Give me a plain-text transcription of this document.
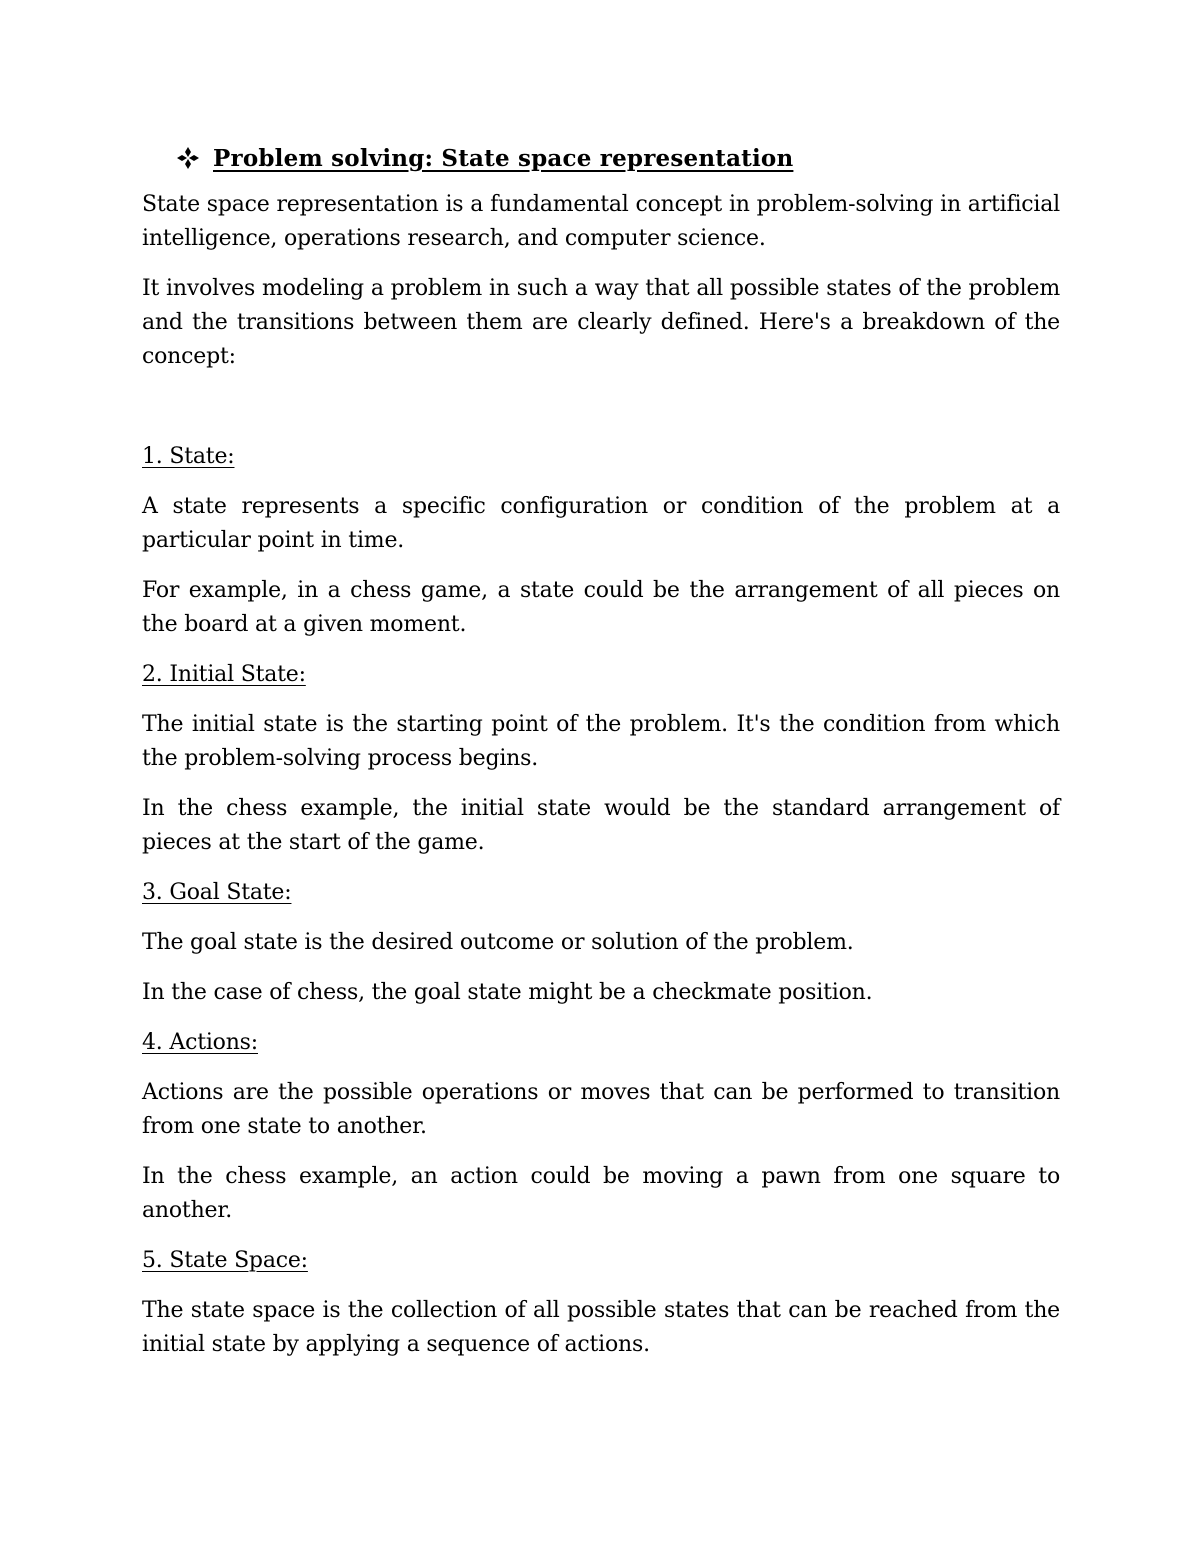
Problem solving: State space representation

State space representation is a fundamental concept in problem-solving in artificial intelligence, operations research, and computer science.

It involves modeling a problem in such a way that all possible states of the problem and the transitions between them are clearly defined. Here's a breakdown of the concept:

1. State:

A state represents a specific configuration or condition of the problem at a particular point in time.

For example, in a chess game, a state could be the arrangement of all pieces on the board at a given moment.

2. Initial State:

The initial state is the starting point of the problem. It's the condition from which the problem-solving process begins.

In the chess example, the initial state would be the standard arrangement of pieces at the start of the game.

3. Goal State:

The goal state is the desired outcome or solution of the problem.

In the case of chess, the goal state might be a checkmate position.

4. Actions:

Actions are the possible operations or moves that can be performed to transition from one state to another.

In the chess example, an action could be moving a pawn from one square to another.

5. State Space:

The state space is the collection of all possible states that can be reached from the initial state by applying a sequence of actions.
